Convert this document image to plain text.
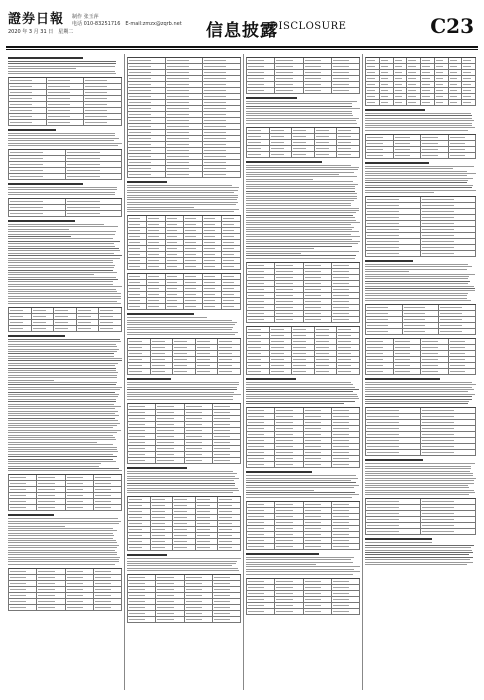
證券日報
2020 年 3 月 31 日　星期二
制作 张玉萍
电话 010-83251716　E-mail:zmzx@zqrb.net	信息披露
DISCLOSURE	C23
